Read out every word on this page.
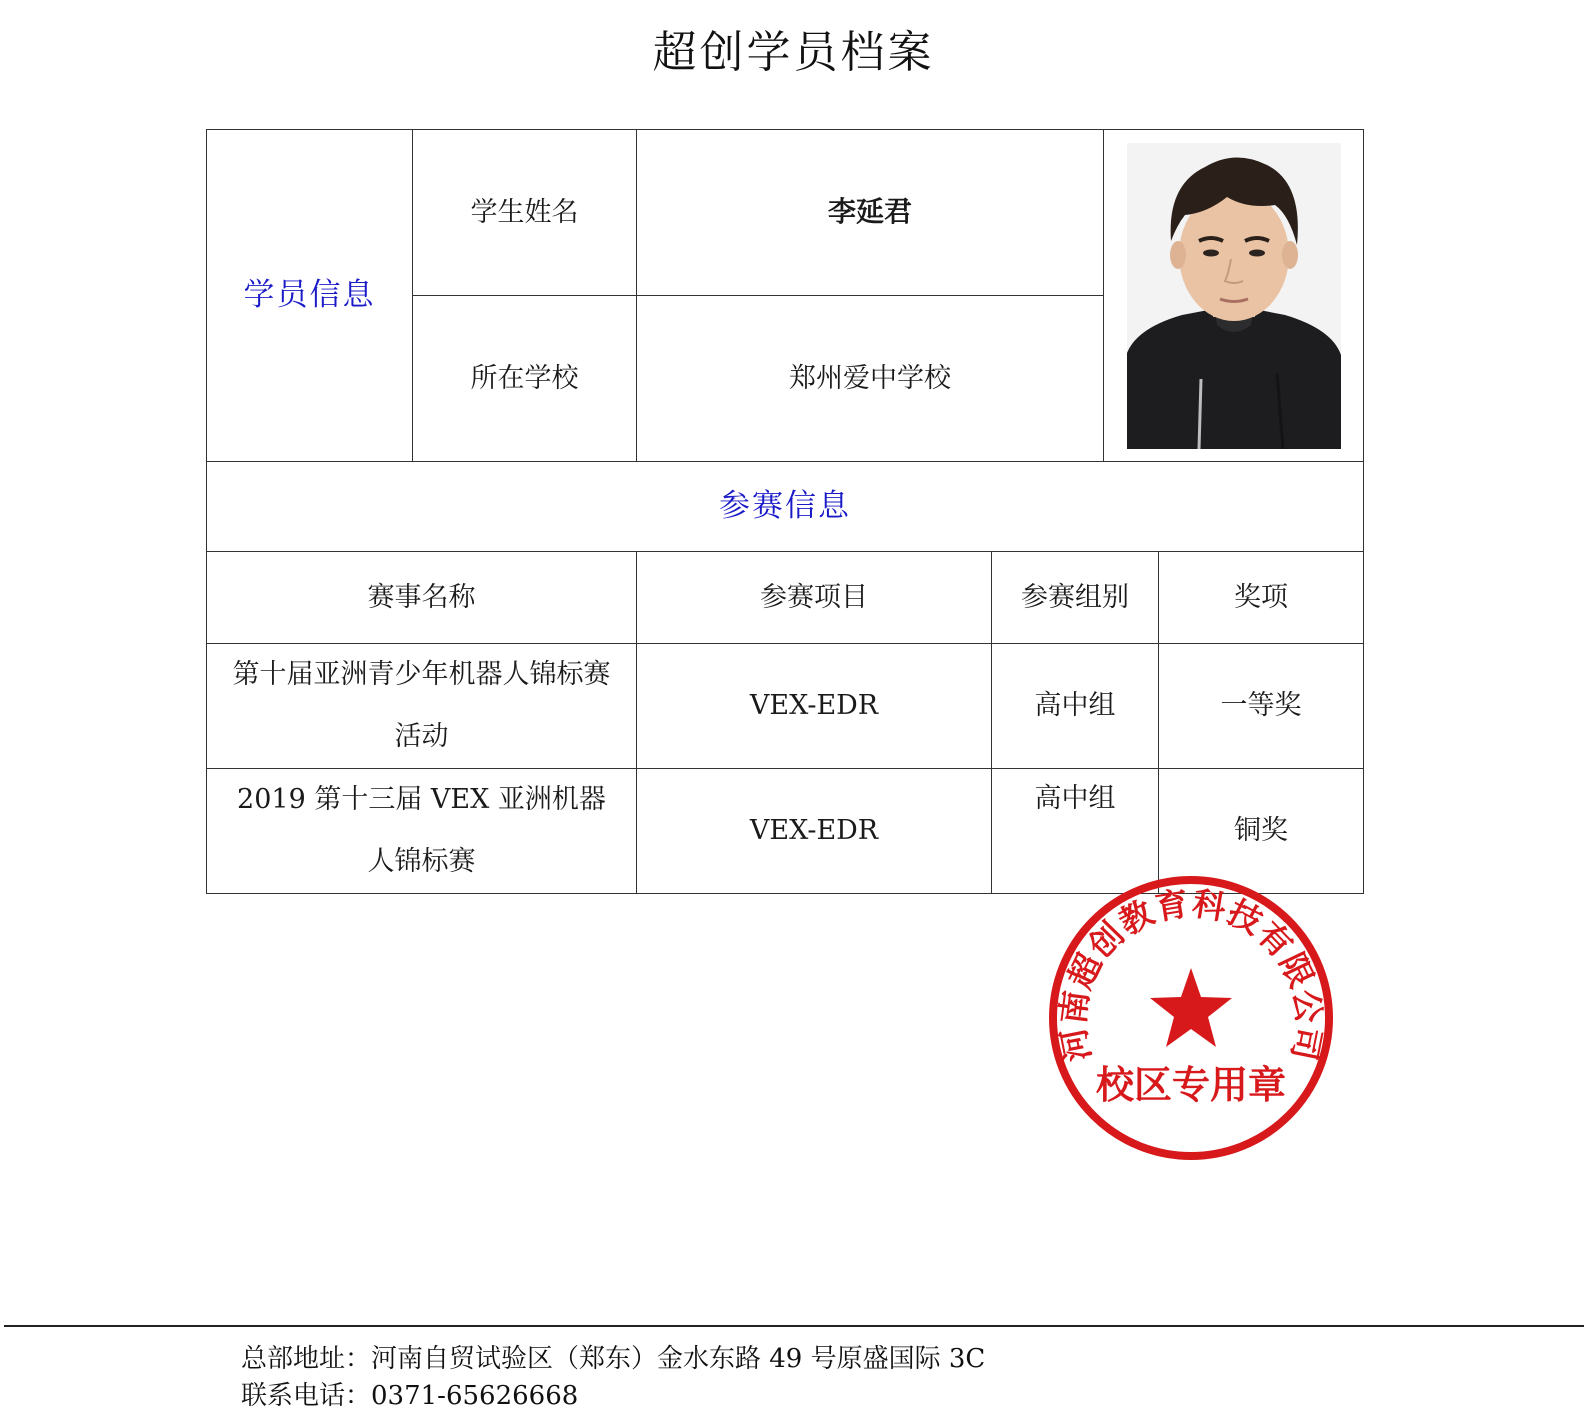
超创学员档案
学员信息	学生姓名	李延君	

	所在学校	郑州爱中学校			
参赛信息					
赛事名称		参赛项目	参赛组别		奖项
第十届亚洲青少年机器人锦标赛活动		VEX-EDR	高中组		一等奖
2019 第十三届 VEX 亚洲机器人锦标赛		VEX-EDR	高中组		铜奖
河南超创教育科技有限公司
校区专用章
总部地址：河南自贸试验区（郑东）金水东路 49 号原盛国际 3C
联系电话：0371-65626668
